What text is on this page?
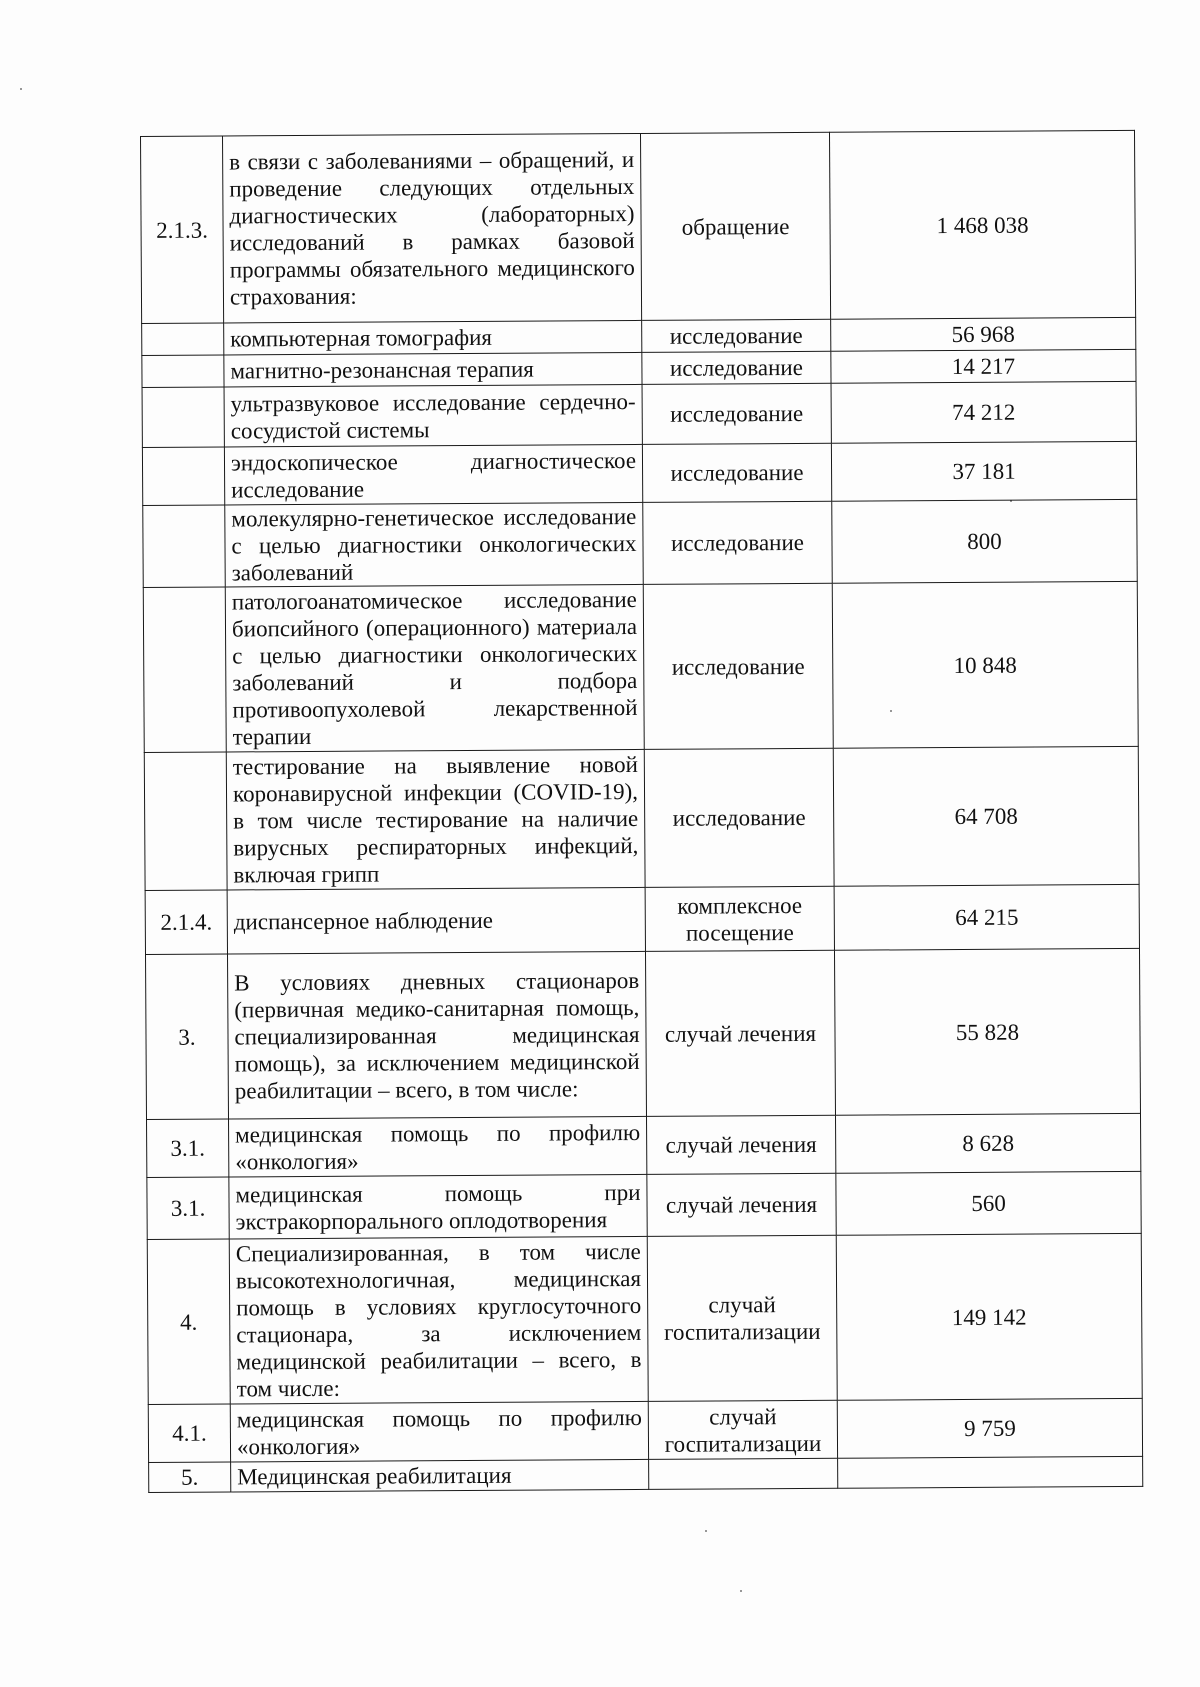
2.1.3.	в связи с заболеваниями – обращений, и проведение следующих отдельных диагностических (лабораторных) исследований в рамках базовой программы обязательного медицинского страхования:	обращение	1 468 038
	компьютерная томография	исследование	56 968
	магнитно-резонансная терапия	исследование	14 217
	ультразвуковое исследование сердечно-сосудистой системы	исследование	74 212
	эндоскопическое диагностическое исследование	исследование	37 181
	молекулярно-генетическое исследование с целью диагностики онкологических заболеваний	исследование	800
	патологоанатомическое исследование биопсийного (операционного) материала с целью диагностики онкологических заболеваний и подбора противоопухолевой лекарственной терапии	исследование	10 848
	тестирование на выявление новой коронавирусной инфекции (COVID-19), в том числе тестирование на наличие вирусных респираторных инфекций, включая грипп	исследование	64 708
2.1.4.	диспансерное наблюдение	комплексное посещение	64 215
3.	В условиях дневных стационаров (первичная медико-санитарная помощь, специализированная медицинская помощь), за исключением медицинской реабилитации – всего, в том числе:	случай лечения	55 828
3.1.	медицинская помощь по профилю «онкология»	случай лечения	8 628
3.1.	медицинская помощь при экстракорпорального оплодотворения	случай лечения	560
4.	Специализированная, в том числе высокотехнологичная, медицинская помощь в условиях круглосуточного стационара, за исключением медицинской реабилитации – всего, в том числе:	случай госпитализации	149 142
4.1.	медицинская помощь по профилю «онкология»	случай госпитализации	9 759
5.	Медицинская реабилитация		
